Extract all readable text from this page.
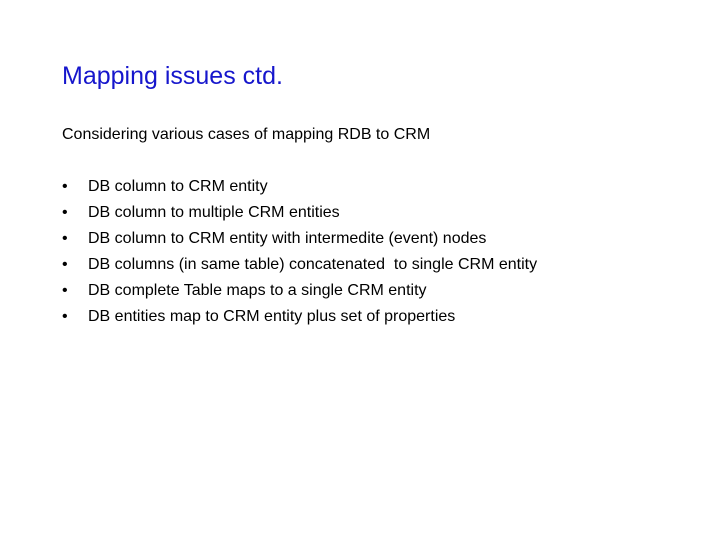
Mapping issues ctd.
Considering various cases of mapping RDB to CRM

•

	DB column to CRM entity

•

	DB column to multiple CRM entities

•

	DB column to CRM entity with intermedite (event) nodes

•

	DB columns (in same table) concatenated  to single CRM entity

•

	DB complete Table maps to a single CRM entity

•

	DB entities map to CRM entity plus set of properties
